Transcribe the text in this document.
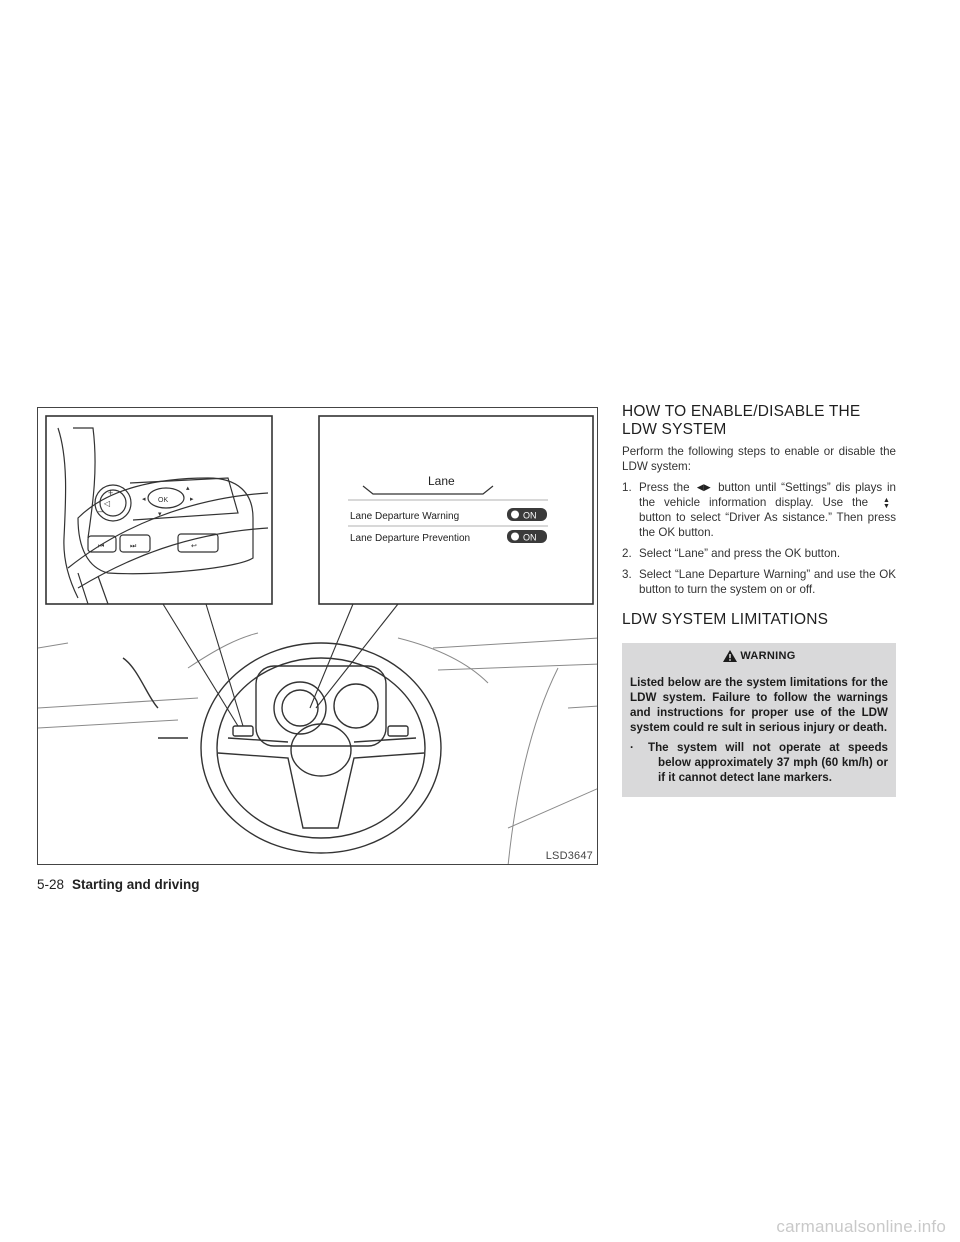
+
–
OK
◂
▴
▸
▾
⏮	⏭	↩
◁
Lane
Lane Departure Warning
Lane Departure Prevention
ON
ON
LSD3647
HOW TO ENABLE/DISABLE THE LDW SYSTEM

Perform the following steps to enable or disable the LDW system:

1. Press the ◀▶ button until “Settings” dis plays in the vehicle information display. Use the ▲
▼ button to select “Driver As sistance.” Then press the OK button.
2. Select “Lane” and press the OK button.
3. Select “Lane Departure Warning” and use the OK button to turn the system on or off.
LDW SYSTEM LIMITATIONS
WARNING
Listed below are the system limitations for the LDW system. Failure to follow the warnings and instructions for proper use of the LDW system could re sult in serious injury or death.
·	The system will not operate at speeds below approximately 37 mph (60 km/h) or if it cannot detect lane markers.
5-28 Starting and driving
carmanualsonline.info
